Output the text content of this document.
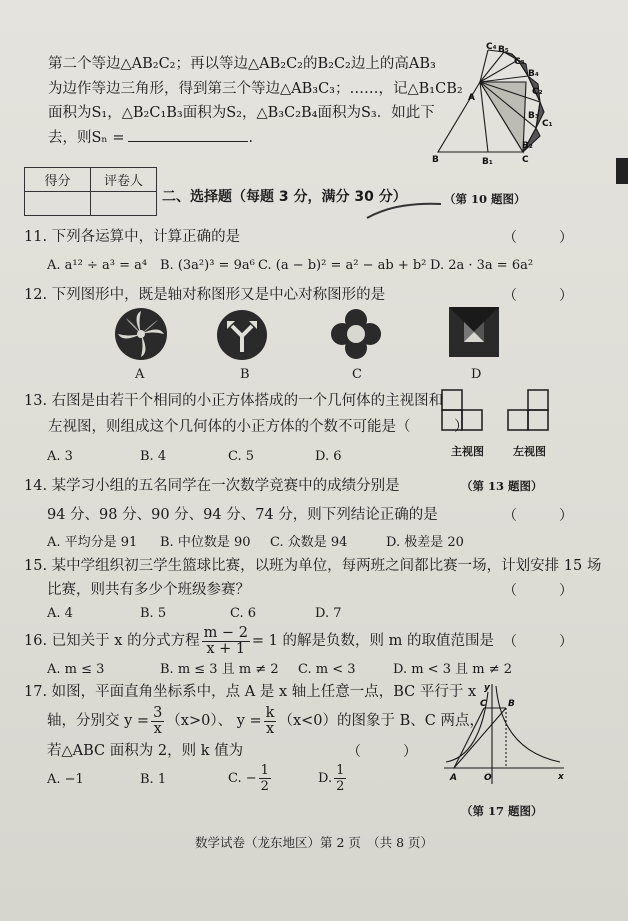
第二个等边△AB₂C₂；再以等边△AB₂C₂的B₂C₂边上的高AB₃
为边作等边三角形，得到第三个等边△AB₃C₃；……，记△B₁CB₂
面积为S₁，△B₂C₁B₃面积为S₂，△B₃C₂B₄面积为S₃．如此下
去，则Sₙ =	．
C₄ B₅
C₃
B₄
A
C₂
B₃
C₁
B₂
B	B₁	C
得分	评卷人

二、选择题（每题 3 分，满分 30 分）	（第 10 题图）
11. 下列各运算中，计算正确的是	（　　　）
A. a¹² ÷ a³ = a⁴ B. (3a²)³ = 9a⁶ C. (a − b)² = a² − ab + b² D. 2a · 3a = 6a²
12. 下列图形中，既是轴对称图形又是中心对称图形的是	（　　　）
A	B	C	D
13. 右图是由若干个相同的小正方体搭成的一个几何体的主视图和
左视图，则组成这个几何体的小正方体的个数不可能是（　　　）
A. 3	B. 4	C. 5	D. 6	主视图	左视图
14. 某学习小组的五名同学在一次数学竞赛中的成绩分别是	（第 13 题图）
94 分、98 分、90 分、94 分、74 分，则下列结论正确的是	（　　　）
A. 平均分是 91 B. 中位数是 90 C. 众数是 94	D. 极差是 20
15. 某中学组织初三学生篮球比赛，以班为单位，每两班之间都比赛一场，计划安排 15 场
比赛，则共有多少个班级参赛？	（　　　）
A. 4	B. 5	C. 6	D. 7
16. 已知关于 x 的分式方程 $\frac{m - 2}{x + 1} = 1$ 的解是负数，则 m 的取值范围是 （　　　）
A. m ≤ 3	B. m ≤ 3 且 m ≠ 2 C. m < 3	D. m < 3 且 m ≠ 2
17. 如图，平面直角坐标系中，点 A 是 x 轴上任意一点，BC 平行于 x
轴，分别交 $y = \frac{3}{x} (x>0)$、 $y = \frac{k}{x} (x<0)$的图象于 B、C 两点，
若△ABC 面积为 2，则 k 值为	（　　　）
A. −1	B. 1	C. − $\frac{1}{2}$	D. $\frac{1}{2}$
y
C B
A	O	x
（第 17 题图）
数学试卷（龙东地区）第 2 页　（共 8 页）
